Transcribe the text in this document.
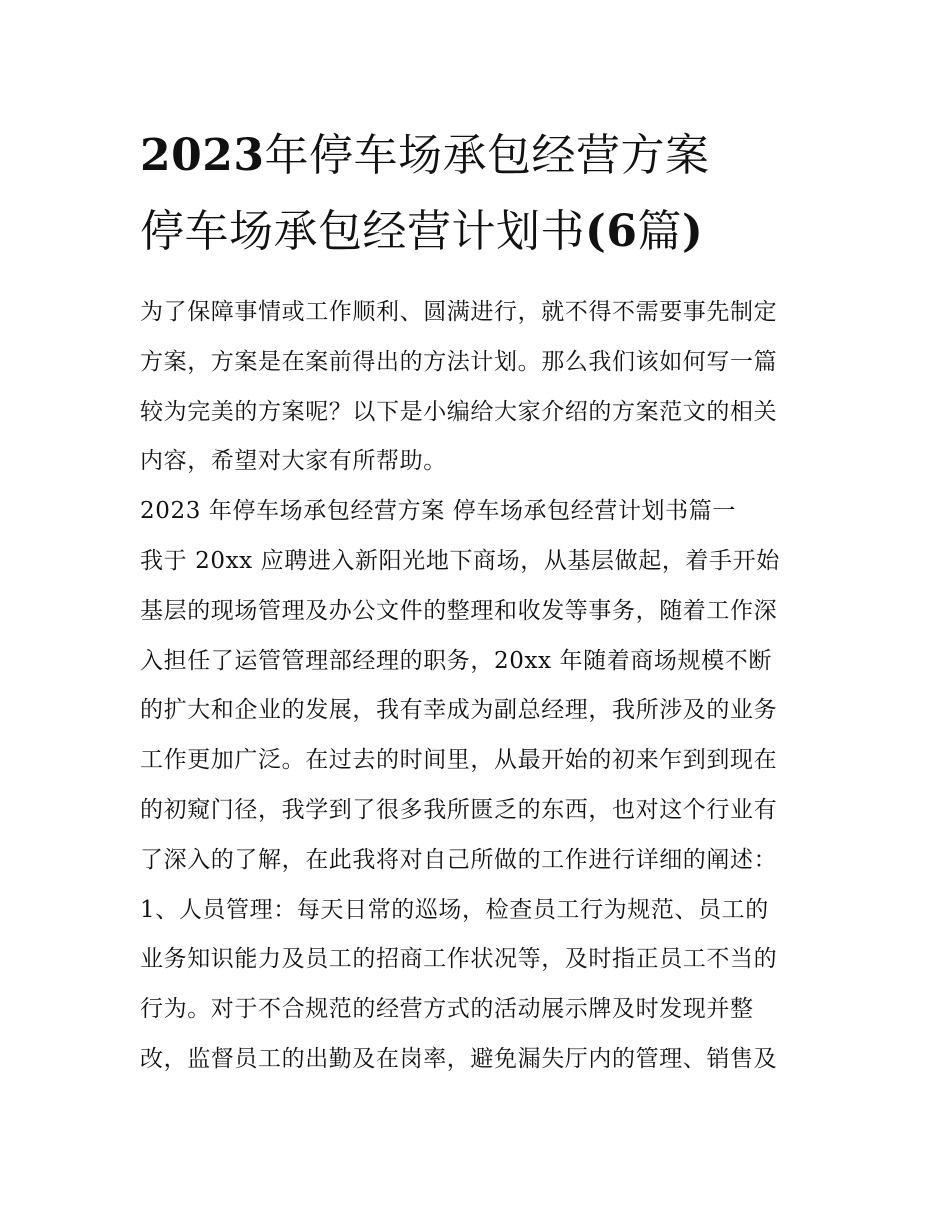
2023年停车场承包经营方案
停车场承包经营计划书(6篇)
为了保障事情或工作顺利、圆满进行，就不得不需要事先制定
方案，方案是在案前得出的方法计划。那么我们该如何写一篇
较为完美的方案呢？以下是小编给大家介绍的方案范文的相关
内容，希望对大家有所帮助。
2023 年停车场承包经营方案 停车场承包经营计划书篇一
我于 20xx 应聘进入新阳光地下商场，从基层做起，着手开始
基层的现场管理及办公文件的整理和收发等事务，随着工作深
入担任了运管管理部经理的职务，20xx 年随着商场规模不断
的扩大和企业的发展，我有幸成为副总经理，我所涉及的业务
工作更加广泛。在过去的时间里，从最开始的初来乍到到现在
的初窥门径，我学到了很多我所匮乏的东西，也对这个行业有
了深入的了解，在此我将对自己所做的工作进行详细的阐述：
1、人员管理：每天日常的巡场，检查员工行为规范、员工的
业务知识能力及员工的招商工作状况等，及时指正员工不当的
行为。对于不合规范的经营方式的活动展示牌及时发现并整
改，监督员工的出勤及在岗率，避免漏失厅内的管理、销售及
